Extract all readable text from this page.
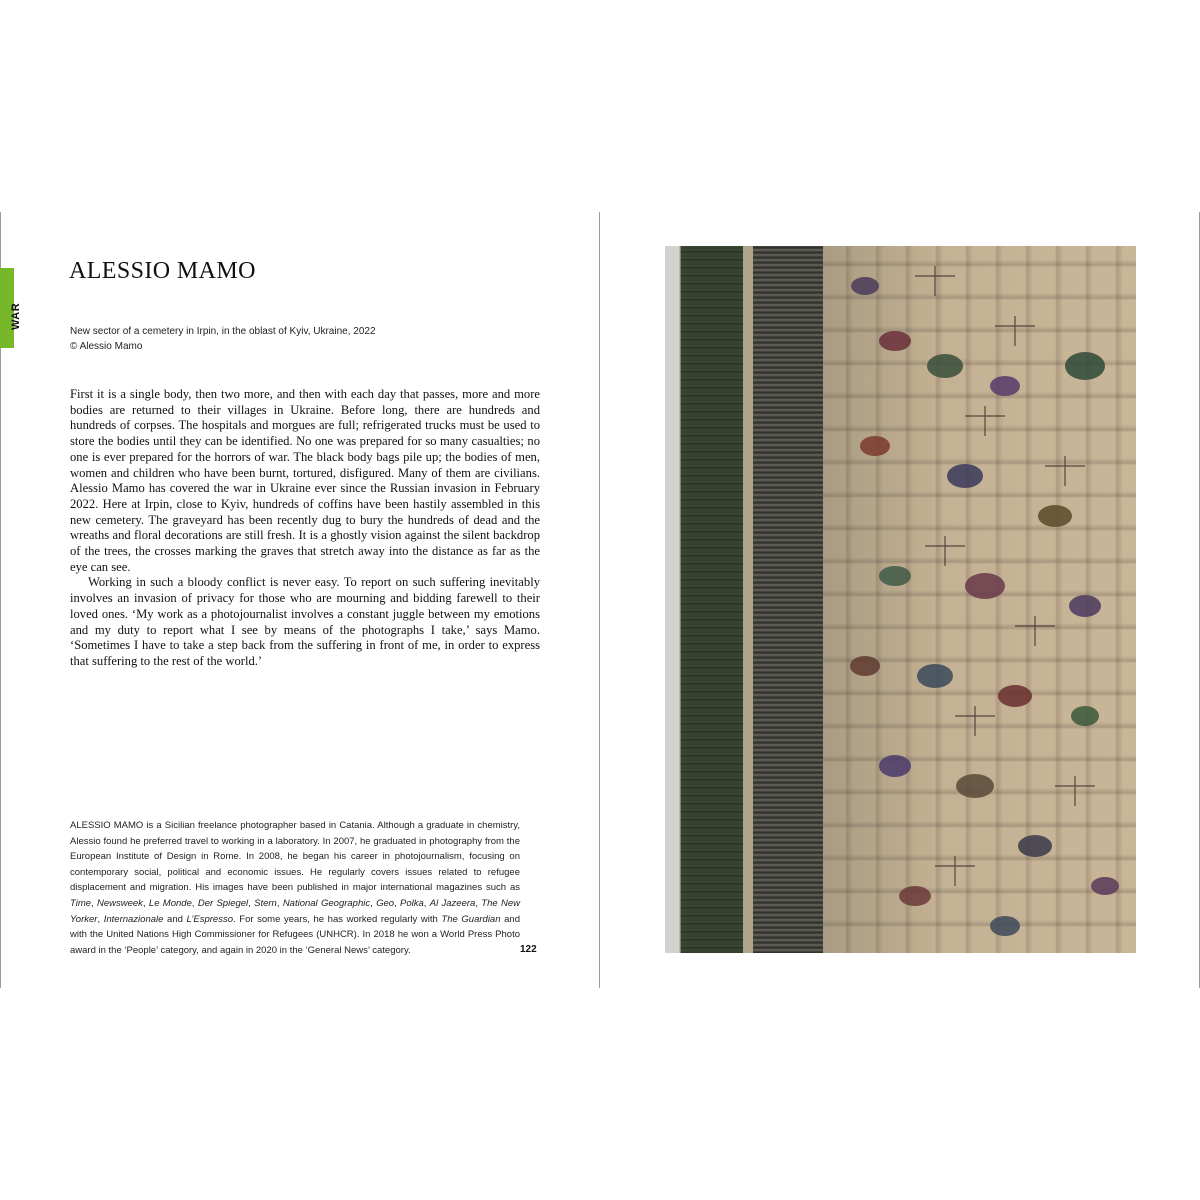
WAR
ALESSIO MAMO
New sector of a cemetery in Irpin, in the oblast of Kyiv, Ukraine, 2022
© Alessio Mamo

First it is a single body, then two more, and then with each day that passes, more and more bodies are returned to their villages in Ukraine. Before long, there are hundreds and hundreds of corpses. The hospitals and morgues are full; refrigerated trucks must be used to store the bodies until they can be identified. No one was prepared for so many casualties; no one is ever prepared for the horrors of war. The black body bags pile up; the bodies of men, women and children who have been burnt, tortured, disfigured. Many of them are civilians. Alessio Mamo has covered the war in Ukraine ever since the Russian invasion in February 2022. Here at Irpin, close to Kyiv, hundreds of coffins have been hastily assembled in this new cemetery. The graveyard has been recently dug to bury the hundreds of dead and the wreaths and floral decorations are still fresh. It is a ghostly vision against the silent backdrop of the trees, the crosses marking the graves that stretch away into the distance as far as the eye can see.

Working in such a bloody conflict is never easy. To report on such suffering inevitably involves an invasion of privacy for those who are mourning and bidding farewell to their loved ones. ‘My work as a photojournalist involves a constant juggle between my emotions and my duty to report what I see by means of the photographs I take,’ says Mamo. ‘Sometimes I have to take a step back from the suffering in front of me, in order to express that suffering to the rest of the world.’

ALESSIO MAMO is a Sicilian freelance photographer based in Catania. Although a graduate in chemistry, Alessio found he preferred travel to working in a laboratory. In 2007, he graduated in photography from the European Institute of Design in Rome. In 2008, he began his career in photojournalism, focusing on contemporary social, political and economic issues. He regularly covers issues related to refugee displacement and migration. His images have been published in major international magazines such as Time, Newsweek, Le Monde, Der Spiegel, Stern, National Geographic, Geo, Polka, Al Jazeera, The New Yorker, Internazionale and L’Espresso. For some years, he has worked regularly with The Guardian and with the United Nations High Commissioner for Refugees (UNHCR). In 2018 he won a World Press Photo award in the ‘People’ category, and again in 2020 in the ‘General News’ category.	122
